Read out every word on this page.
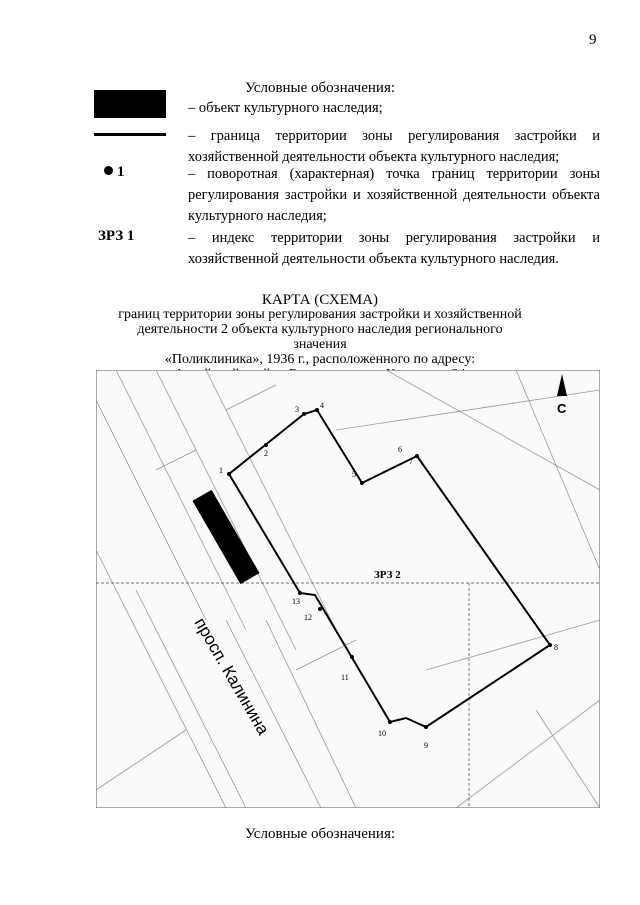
9
Условные обозначения:
1
ЗРЗ 1
– объект культурного наследия;
– граница территории зоны регулирования застройки и хозяйственной деятельности объекта культурного наследия;
– поворотная (характерная) точка границ территории зоны регулирования застройки и хозяйственной деятельности объекта культурного наследия;
– индекс территории зоны регулирования застройки и хозяйственной деятельности объекта культурного наследия.
КАРТА (СХЕМА)
границ территории зоны регулирования застройки и хозяйственной
деятельности 2 объекта культурного наследия регионального значения
«Поликлиника», 1936 г., расположенного по адресу:
1
2
3	4
5
6
7
8
9
10
11
12
13
ЗРЗ 2
просп. Калинина
С
Условные обозначения:
